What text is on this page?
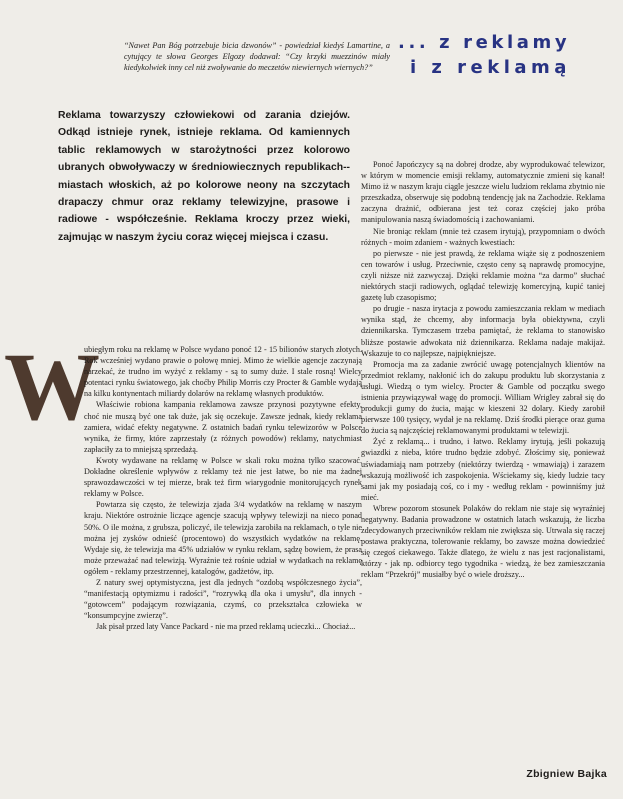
“Nawet Pan Bóg potrzebuje bicia dzwonów” - powiedział kiedyś Lamartine, a cytujący te słowa Georges Elgozy dodawał: “Czy krzyki muezzinów miały kiedykolwiek inny cel niż zwoływanie do meczetów niewiernych wiernych?”

... z reklamy
i z reklamą

Reklama towarzyszy człowiekowi od zarania dziejów. Odkąd istnieje rynek, istnieje reklama. Od kamiennych tablic reklamowych w starożytności przez kolorowo ubranych obwoływaczy w średniowiecznych republikach--miastach włoskich, aż po kolorowe neony na szczytach drapaczy chmur oraz reklamy telewizyjne, prasowe i radiowe - współcześnie. Reklama kroczy przez wieki, zajmując w naszym życiu coraz więcej miejsca i czasu.

W

ubiegłym roku na reklamę w Polsce wydano ponoć 12 - 15 bilionów starych złotych. Rok wcześniej wydano prawie o połowę mniej. Mimo że wielkie agencje zaczynają narzekać, że trudno im wyżyć z reklamy - są to sumy duże. I stale rosną! Wielcy potentaci rynku światowego, jak choćby Philip Morris czy Procter & Gamble wydają na kilku kontynentach miliardy dolarów na reklamę własnych produktów.

Właściwie robiona kampania reklamowa zawsze przynosi pozytywne efekty, choć nie muszą być one tak duże, jak się oczekuje. Zawsze jednak, kiedy reklama zamiera, widać efekty negatywne. Z ostatnich badań rynku telewizorów w Polsce wynika, że firmy, które zaprzestały (z różnych powodów) reklamy, natychmiast zapłaciły za to mniejszą sprzedażą.

Kwoty wydawane na reklamę w Polsce w skali roku można tylko szacować. Dokładne określenie wpływów z reklamy też nie jest łatwe, bo nie ma żadnej sprawozdawczości w tej mierze, brak też firm wiarygodnie monitorujących rynek reklamy w Polsce.

Powtarza się często, że telewizja zjada 3/4 wydatków na reklamę w naszym kraju. Niektóre ostrożnie liczące agencje szacują wpływy telewizji na nieco ponad 50%. O ile można, z grubsza, policzyć, ile telewizja zarobiła na reklamach, o tyle nie można jej zysków odnieść (procentowo) do wszystkich wydatków na reklamę. Wydaje się, że telewizja ma 45% udziałów w rynku reklam, sądzę bowiem, że prasa może przeważać nad telewizją. Wyraźnie też rośnie udział w wydatkach na reklamę ogółem - reklamy przestrzennej, katalogów, gadżetów, itp.

Z natury swej optymistyczna, jest dla jednych “ozdobą współczesnego życia”, “manifestacją optymizmu i radości”, “rozrywką dla oka i umysłu”, dla innych - “gotowcem” podającym rozwiązania, czymś, co przekształca człowieka w “konsumpcyjne zwierzę”.

Jak pisał przed laty Vance Packard - nie ma przed reklamą ucieczki... Chociaż...

Ponoć Japończycy są na dobrej drodze, aby wyprodukować telewizor, w którym w momencie emisji reklamy, automatycznie zmieni się kanał! Mimo iż w naszym kraju ciągle jeszcze wielu ludziom reklama zbytnio nie przeszkadza, obserwuje się podobną tendencję jak na Zachodzie. Reklama zaczyna drażnić, odbierana jest też coraz częściej jako próba manipulowania naszą świadomością i zachowaniami.

Nie broniąc reklam (mnie też czasem irytują), przypomniam o dwóch różnych - moim zdaniem - ważnych kwestiach:

po pierwsze - nie jest prawdą, że reklama wiąże się z podnoszeniem cen towarów i usług. Przeciwnie, często ceny są naprawdę promocyjne, czyli niższe niż zazwyczaj. Dzięki reklamie można “za darmo” słuchać niektórych stacji radiowych, oglądać telewizję komercyjną, kupić taniej gazetę lub czasopismo;

po drugie - nasza irytacja z powodu zamieszczania reklam w mediach wynika stąd, że chcemy, aby informacja była obiektywna, czyli dziennikarska. Tymczasem trzeba pamiętać, że reklama to stanowisko bliższe postawie adwokata niż dziennikarza. Reklama nadaje makijaż. Wskazuje to co najlepsze, najpiękniejsze.

Promocja ma za zadanie zwrócić uwagę potencjalnych klientów na przedmiot reklamy, nakłonić ich do zakupu produktu lub skorzystania z usługi. Wiedzą o tym wielcy. Procter & Gamble od początku swego istnienia przywiązywał wagę do promocji. William Wrigley zabrał się do produkcji gumy do żucia, mając w kieszeni 32 dolary. Kiedy zarobił pierwsze 100 tysięcy, wydał je na reklamę. Dziś środki pierące oraz guma do żucia są najczęściej reklamowanymi produktami w telewizji.

Żyć z reklamą... i trudno, i łatwo. Reklamy irytują, jeśli pokazują gwiazdki z nieba, które trudno będzie zdobyć. Złościmy się, ponieważ uświadamiają nam potrzeby (niektórzy twierdzą - wmawiają) i zarazem wskazują możliwość ich zaspokojenia. Wściekamy się, kiedy ludzie tacy sami jak my posiadają coś, co i my - według reklam - powinniśmy już mieć.

Wbrew pozorom stosunek Polaków do reklam nie staje się wyraźniej negatywny. Badania prowadzone w ostatnich latach wskazują, że liczba zdecydowanych przeciwników reklam nie zwiększa się. Utrwala się raczej postawa praktyczna, tolerowanie reklamy, bo zawsze można dowiedzieć się czegoś ciekawego. Także dlatego, że wielu z nas jest racjonalistami, którzy - jak np. odbiorcy tego tygodnika - wiedzą, że bez zamieszczania reklam “Przekrój” musiałby być o wiele droższy...

Zbigniew Bajka
